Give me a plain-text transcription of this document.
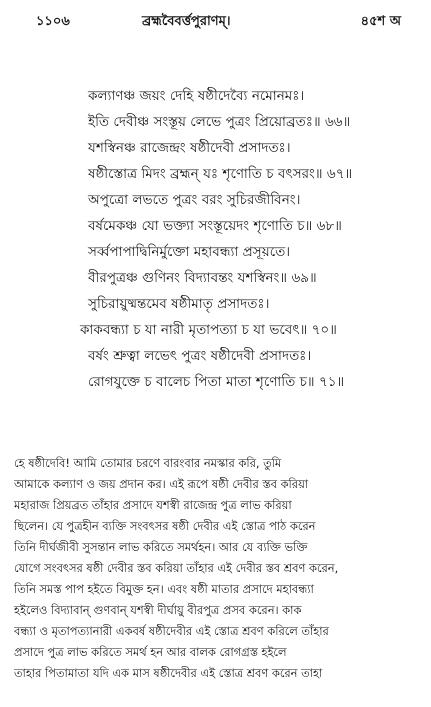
১১০৬	ব্রহ্মবৈবর্ত্তপুরাণম্।	৪৫শ অ
কল্যাণঞ্চ জয়ং দেহি ষষ্ঠীদেব্যৈ নমোনমঃ।
ইতি দেবীঞ্চ সংস্তূয় লেভে পুত্রং প্রিয়োব্রতঃ॥ ৬৬॥
যশস্বিনঞ্চ রাজেন্দ্রং ষষ্ঠীদেবী প্রসাদতঃ।
ষষ্ঠীস্তোত্র মিদং ব্রহ্মন্ যঃ শৃণোতি চ বৎসরং॥ ৬৭॥
অপুত্রো লভতে পুত্রং বরং সুচিরজীবিনং।
বর্ষমেকঞ্চ যো ভক্ত্যা সংস্তূয়েদং শৃণোতি চ॥ ৬৮॥
সর্ব্বপাপাদ্বিনির্মুক্তো মহাবন্ধ্যা প্রসূয়তে।
বীরপুত্রঞ্চ গুণিনং বিদ্যাবন্তং যশস্বিনং॥ ৬৯॥
সুচিরায়ুষ্মন্তমেব ষষ্ঠীমাতৃ প্রসাদতঃ।
কাকবন্ধ্যা চ যা নারী মৃতাপত্যা চ যা ভবেৎ॥ ৭০॥
বর্ষং শ্রুত্বা লভেৎ পুত্রং ষষ্ঠীদেবী প্রসাদতঃ।
রোগযুক্তে চ বালেচ পিতা মাতা শৃণোতি চ॥ ৭১॥
হে ষষ্ঠীদেবি! আমি তোমার চরণে বারংবার নমস্কার করি, তুমি
আমাকে কল্যাণ ও জয় প্রদান কর। এই রূপে ষষ্ঠী দেবীর স্তব করিয়া
মহারাজ প্রিয়ব্রত তাঁহার প্রসাদে যশস্বী রাজেন্দ্র পুত্র লাভ করিয়া
ছিলেন। যে পুত্রহীন ব্যক্তি সংবৎসর ষষ্ঠী দেবীর এই স্তোত্র পাঠ করেন
তিনি দীর্ঘজীবী সুসন্তান লাভ করিতে সমর্থহন। আর যে ব্যক্তি ভক্তি
যোগে সংবৎসর ষষ্ঠী দেবীর স্তব করিয়া তাঁহার এই দেবীর স্তব শ্রবণ করেন,
তিনি সমস্ত পাপ হইতে বিমুক্ত হন। এবং ষষ্ঠী মাতার প্রসাদে মহাবন্ধ্যা
হইলেও বিদ্যাবান্ গুণবান্ যশস্বী দীর্ঘায়ু বীরপুত্র প্রসব করেন। কাক
বন্ধ্যা ও মৃতাপত্যানারী একবর্ষ ষষ্ঠীদেবীর এই স্তোত্র শ্রবণ করিলে তাঁহার
প্রসাদে পুত্র লাভ করিতে সমর্থ হন আর বালক রোগগ্রস্ত হইলে
তাহার পিতামাতা যদি এক মাস ষষ্ঠীদেবীর এই স্তোত্র শ্রবণ করেন তাহা
